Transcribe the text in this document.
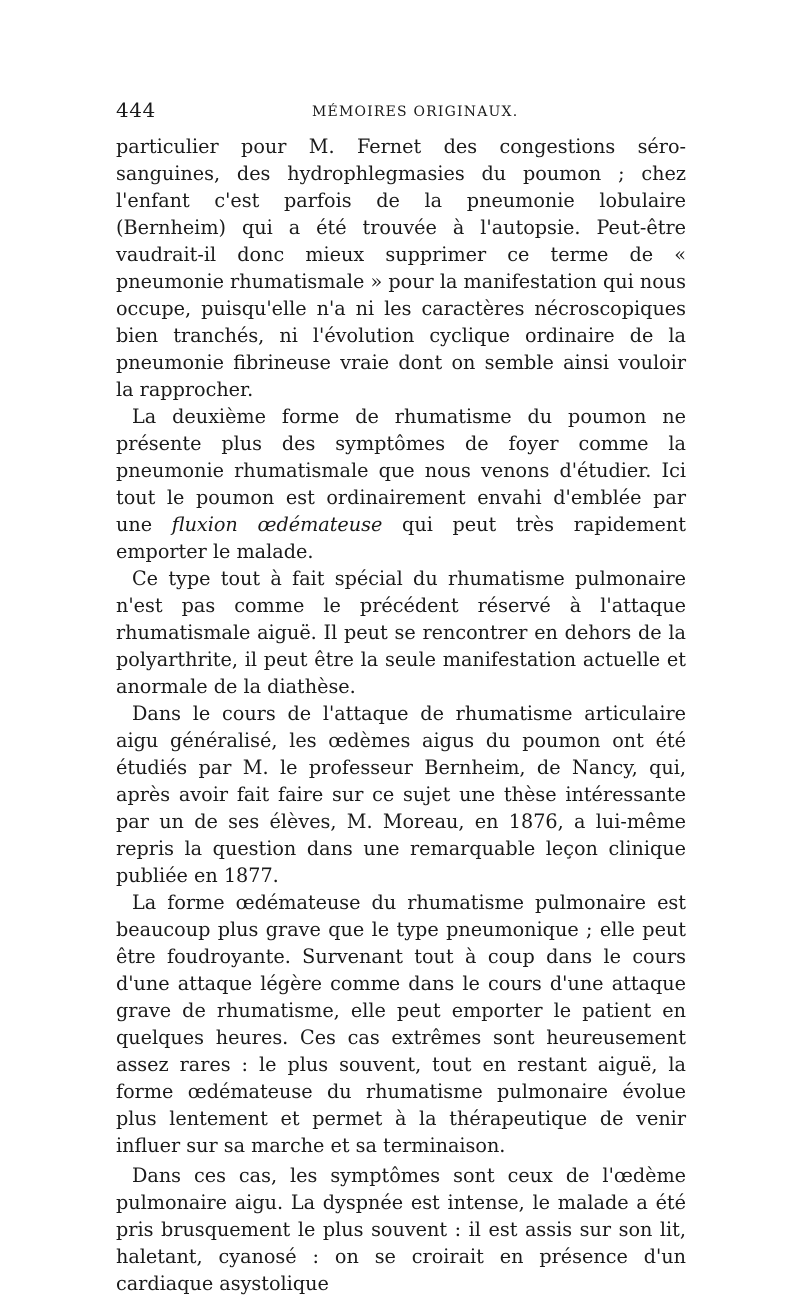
444	MÉMOIRES ORIGINAUX.

particulier pour M. Fernet des congestions séro-sanguines, des hydrophlegmasies du poumon ; chez l'enfant c'est parfois de la pneumonie lobulaire (Bernheim) qui a été trouvée à l'autopsie. Peut-être vaudrait-il donc mieux supprimer ce terme de « pneumonie rhumatismale » pour la manifestation qui nous occupe, puisqu'elle n'a ni les caractères nécroscopiques bien tranchés, ni l'évolution cyclique ordinaire de la pneumonie fibrineuse vraie dont on semble ainsi vouloir la rapprocher.

La deuxième forme de rhumatisme du poumon ne présente plus des symptômes de foyer comme la pneumonie rhumatismale que nous venons d'étudier. Ici tout le poumon est ordinairement envahi d'emblée par une fluxion œdémateuse qui peut très rapidement emporter le malade.

Ce type tout à fait spécial du rhumatisme pulmonaire n'est pas comme le précédent réservé à l'attaque rhumatismale aiguë. Il peut se rencontrer en dehors de la polyarthrite, il peut être la seule manifestation actuelle et anormale de la diathèse.

Dans le cours de l'attaque de rhumatisme articulaire aigu généralisé, les œdèmes aigus du poumon ont été étudiés par M. le professeur Bernheim, de Nancy, qui, après avoir fait faire sur ce sujet une thèse intéressante par un de ses élèves, M. Moreau, en 1876, a lui-même repris la question dans une remarquable leçon clinique publiée en 1877.

La forme œdémateuse du rhumatisme pulmonaire est beaucoup plus grave que le type pneumonique ; elle peut être foudroyante. Survenant tout à coup dans le cours d'une attaque légère comme dans le cours d'une attaque grave de rhumatisme, elle peut emporter le patient en quelques heures. Ces cas extrêmes sont heureusement assez rares : le plus souvent, tout en restant aiguë, la forme œdémateuse du rhumatisme pulmonaire évolue plus lentement et permet à la thérapeutique de venir influer sur sa marche et sa terminaison.

Dans ces cas, les symptômes sont ceux de l'œdème pulmonaire aigu. La dyspnée est intense, le malade a été pris brusquement le plus souvent : il est assis sur son lit, haletant, cyanosé : on se croirait en présence d'un cardiaque asystolique
